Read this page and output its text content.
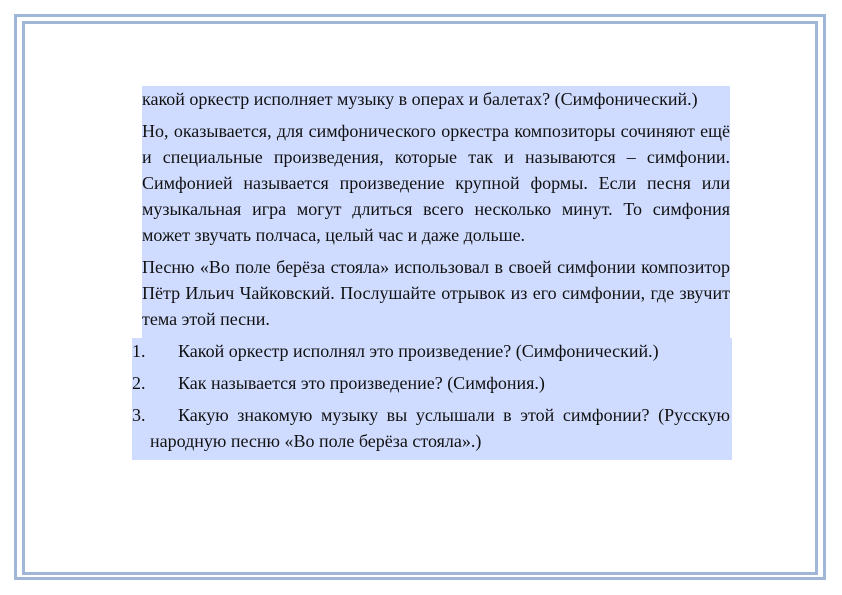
какой оркестр исполняет музыку в операх и балетах? (Симфонический.)
Но, оказывается, для симфонического оркестра композиторы сочиняют ещё и специальные произведения, которые так и называются – симфонии. Симфонией называется произведение крупной формы. Если песня или музыкальная игра могут длиться всего несколько минут. То симфония может звучать полчаса, целый час и даже дольше.
Песню «Во поле берёза стояла» использовал в своей симфонии композитор Пётр Ильич Чайковский. Послушайте отрывок из его симфонии, где звучит тема этой песни.
1.	Какой оркестр исполнял это произведение? (Симфонический.)
2.	Как называется это произведение? (Симфония.)
3.	Какую знакомую музыку вы услышали в этой симфонии? (Русскую народную песню «Во поле берёза стояла».)
